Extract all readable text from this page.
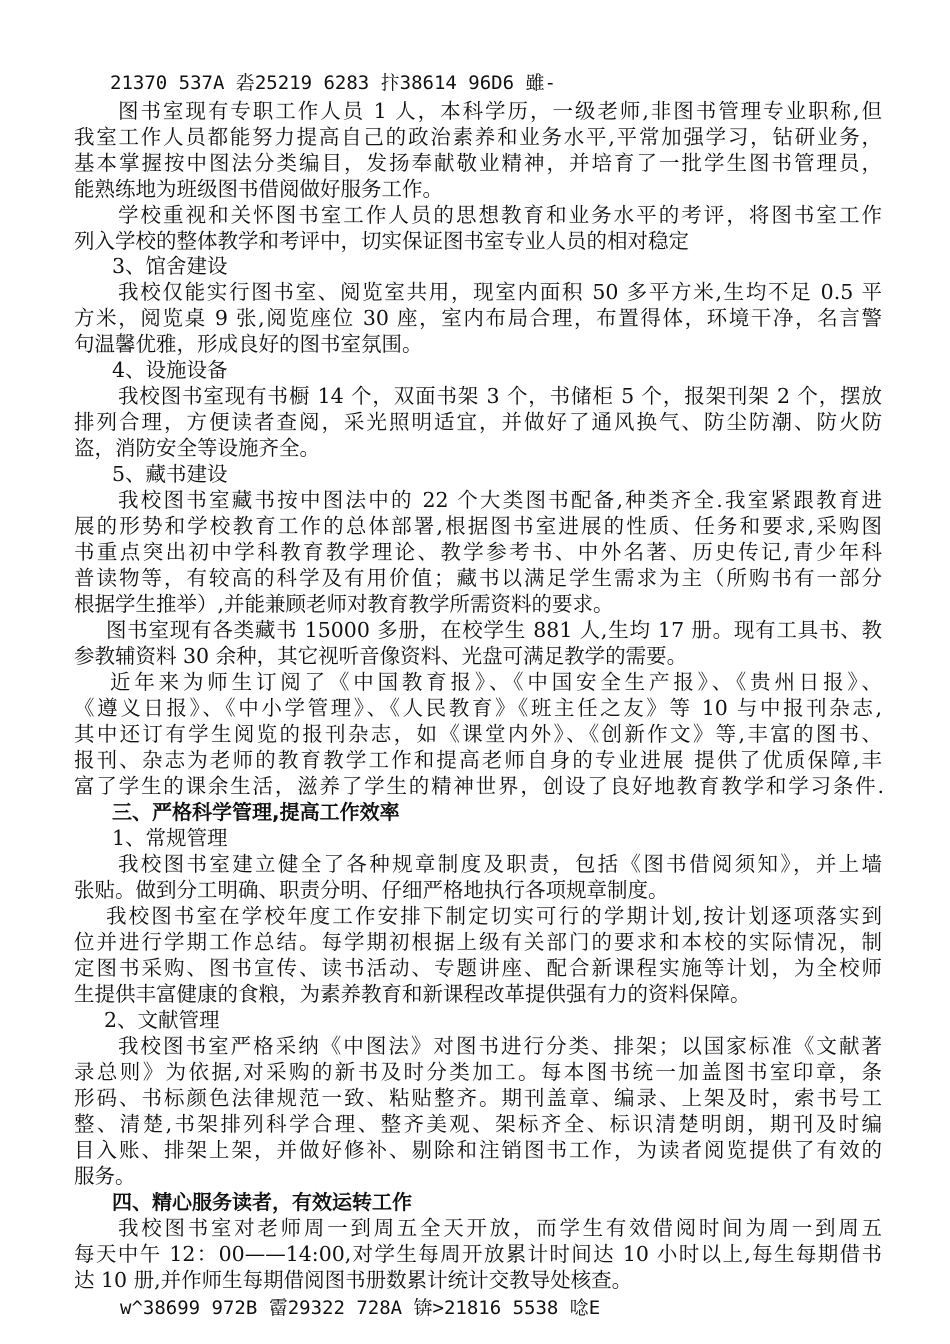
21370 537A 沯25219 6283 抃38614 96D6 雖-
图书室现有专职工作人员 1 人，本科学历，一级老师,非图书管理专业职称,但
我室工作人员都能努力提高自己的政治素养和业务水平,平常加强学习，钻研业务，
基本掌握按中图法分类编目，发扬奉献敬业精神，并培育了一批学生图书管理员，
能熟练地为班级图书借阅做好服务工作。
学校重视和关怀图书室工作人员的思想教育和业务水平的考评，将图书室工作
列入学校的整体教学和考评中，切实保证图书室专业人员的相对稳定
3、馆舍建设
我校仅能实行图书室、阅览室共用，现室内面积 50 多平方米,生均不足 0.5 平
方米，阅览桌 9 张,阅览座位 30 座，室内布局合理，布置得体，环境干净，名言警
句温馨优雅，形成良好的图书室氛围。
4、设施设备
我校图书室现有书橱 14 个，双面书架 3 个，书储柜 5 个，报架刊架 2 个，摆放
排列合理，方便读者查阅，采光照明适宜，并做好了通风换气、防尘防潮、防火防
盗，消防安全等设施齐全。
5、藏书建设
我校图书室藏书按中图法中的 22 个大类图书配备,种类齐全.我室紧跟教育进
展的形势和学校教育工作的总体部署,根据图书室进展的性质、任务和要求,采购图
书重点突出初中学科教育教学理论、教学参考书、中外名著、历史传记,青少年科
普读物等，有较高的科学及有用价值；藏书以满足学生需求为主（所购书有一部分
根据学生推举）,并能兼顾老师对教育教学所需资料的要求。
图书室现有各类藏书 15000 多册，在校学生 881 人,生均 17 册。现有工具书、教
参教辅资料 30 余种，其它视听音像资料、光盘可满足教学的需要。
近年来为师生订阅了《中国教育报》、《中国安全生产报》、《贵州日报》、
《遵义日报》、《中小学管理》、《人民教育》《班主任之友》等 10 与中报刊杂志,
其中还订有学生阅览的报刊杂志，如《课堂内外》、《创新作文》等,丰富的图书、
报刊、杂志为老师的教育教学工作和提高老师自身的专业进展 提供了优质保障,丰
富了学生的课余生活，滋养了学生的精神世界，创设了良好地教育教学和学习条件.
三、严格科学管理,提高工作效率
1、常规管理
我校图书室建立健全了各种规章制度及职责，包括《图书借阅须知》，并上墙
张贴。做到分工明确、职责分明、仔细严格地执行各项规章制度。
我校图书室在学校年度工作安排下制定切实可行的学期计划,按计划逐项落实到
位并进行学期工作总结。每学期初根据上级有关部门的要求和本校的实际情况，制
定图书采购、图书宣传、读书活动、专题讲座、配合新课程实施等计划，为全校师
生提供丰富健康的食粮，为素养教育和新课程改革提供强有力的资料保障。
2、文献管理
我校图书室严格采纳《中图法》对图书进行分类、排架；以国家标准《文献著
录总则》为依据,对采购的新书及时分类加工。每本图书统一加盖图书室印章，条
形码、书标颜色法律规范一致、粘贴整齐。期刊盖章、编录、上架及时，索书号工
整、清楚,书架排列科学合理、整齐美观、架标齐全、标识清楚明朗，期刊及时编
目入账、排架上架，并做好修补、剔除和注销图书工作，为读者阅览提供了有效的
服务。
四、精心服务读者，有效运转工作
我校图书室对老师周一到周五全天开放，而学生有效借阅时间为周一到周五
每天中午 12：00——14:00,对学生每周开放累计时间达 10 小时以上,每生每期借书
达 10 册,并作师生每期借阅图书册数累计统计交教导处核查。
w^38699 972B 霤29322 728A 锛>21816 5538 唸E
